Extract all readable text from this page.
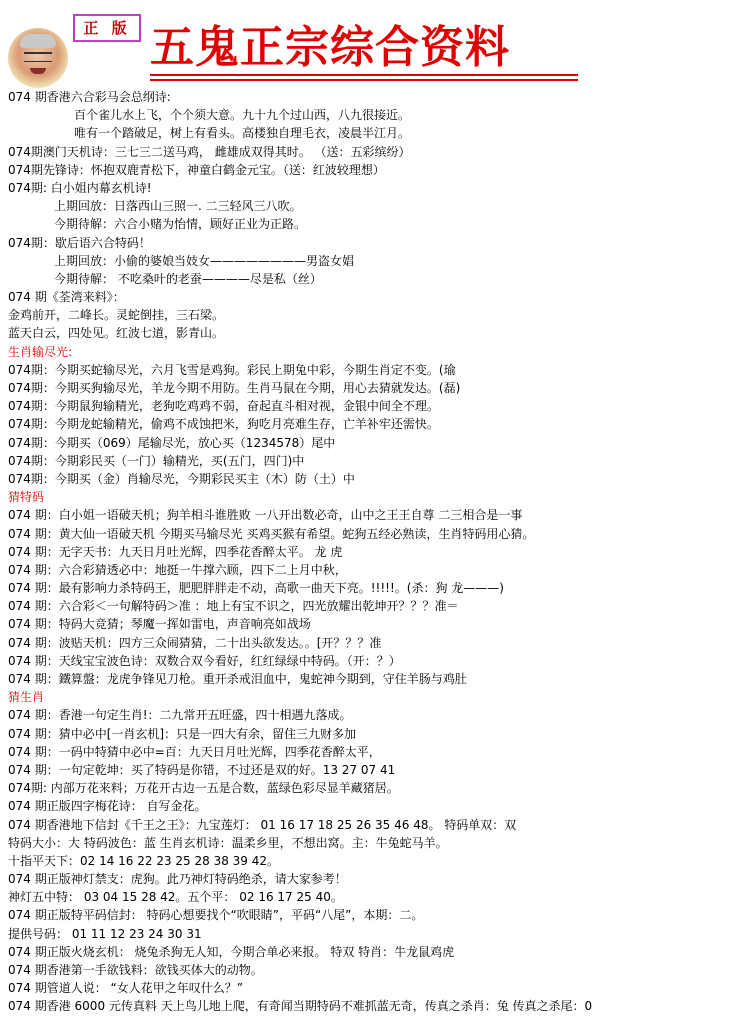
正 版 五鬼正宗综合资料
074 期香港六合彩马会总纲诗:
百个雀儿水上飞，个个须大意。九十九个过山西，八九很接近。
唯有一个踏破足，树上有看头。高楼独自理毛衣，凌晨半江月。
074期澳门天机诗：三七三二送马鸡， 雌雄成双得其时。 （送：五彩缤纷）
074期先锋诗：怀抱双鹿青松下，神童白鹤金元宝。（送：红波较理想）
074期: 白小姐内幕玄机诗!
上期回放：日落西山三照一. 二三轻风三八吹。
今期待解：六合小赌为怡情，顾好正业为正路。
074期：歇后语六合特码！
上期回放：小偷的婆娘当妓女————————男盗女娼
今期待解： 不吃桑叶的老蚕————尽是私（丝）
074 期《荃湾来料》：
金鸡前开，二峰长。灵蛇倒挂，三石梁。
蓝天白云，四处见。红波七道，影青山。
生肖输尽光:
074期：今期买蛇输尽光，六月飞雪是鸡狗。彩民上期兔中彩，今期生肖定不变。(瑜
074期：今期买狗输尽光，羊龙今期不用防。生肖马鼠在今期，用心去猜就发达。(磊)
074期：今期鼠狗输精光，老狗吃鸡鸡不弱，奋起直斗相对视，金银中间全不理。
074期：今期龙蛇输精光，偷鸡不成蚀把米，狗吃月亮难生存，亡羊补牢还需快。
074期：今期买（069）尾输尽光，放心买（1234578）尾中
074期：今期彩民买（一门）输精光，买(五门，四门)中
074期：今期买（金）肖输尽光，今期彩民买主（木）防（土）中
猜特码
074 期：白小姐一语破天机；狗羊相斗谁胜败 一八开出数必奇，山中之王王自尊 二三相合是一事
074 期：黄大仙一语破天机 今期买马输尽光 买鸡买猴有希望。蛇狗五经必熟读，生肖特码用心猜。
074 期：无字天书：九天日月吐光辉，四季花香醉太平。 龙 虎
074 期：六合彩猜透必中：地挺一牛撑六顾，四下二上月中秋，
074 期：最有影响力杀特码王，肥肥胖胖走不动，高歌一曲天下亮。!!!!!。(杀：狗 龙———)
074 期：六合彩＜一句解特码＞准 ：地上有宝不识之，四光放耀出乾坤开？？？准＝
074 期：特码大竞猜；琴魔一挥如雷电，声音响亮如战场
074 期：波贴天机：四方三众闹猜猜，二十出头欲发达。。[开？？？准
074 期：天线宝宝波色诗：双数合双今看好，红红绿绿中特码。（开：？）
074 期：鐵算盤：龙虎争锋见刀枪。重开杀戒泪血中，鬼蛇神今期到，守住羊肠与鸡肚
猜生肖
074 期：香港一句定生肖!：二九常开五旺盛，四十相遇九落成。
074 期：猜中必中[一肖玄机]：只是一四大有余，留住三九财多加
074 期：一码中特猜中必中=百：九天日月吐光辉，四季花香醉太平，
074 期：一句定乾坤：买了特码是你错，不过还是双的好。13 27 07 41
074期: 内部万花来料；万花开古边一五是合数，蓝绿色彩尽显羊藏猪居。
074 期正版四字梅花诗： 自写金花。
074 期香港地下信封《千王之王》：九宝莲灯： 01 16 17 18 25 26 35 46 48。 特码单双：双
特码大小：大 特码波色：蓝 生肖玄机诗：温柔乡里，不想出窝。主：牛兔蛇马羊。
十指平天下：02 14 16 22 23 25 28 38 39 42。
074 期正版神灯禁支：虎狗。此乃神灯特码绝杀，请大家参考！
神灯五中特： 03 04 15 28 42。五个平： 02 16 17 25 40。
074 期正版特平码信封： 特码心想要找个“吹眼睛”，平码“八尾”，本期：二。
提供号码： 01 11 12 23 24 30 31
074 期正版火烧玄机： 烧兔杀狗无人知，今期合单必来报。 特双 特肖：牛龙鼠鸡虎
074 期香港第一手欲钱料：欲钱买体大的动物。
074 期管道人说： “女人花甲之年叹什么？”
074 期香港 6000 元传真料 天上鸟儿地上爬，有奇闻当期特码不难抓蓝无奇，传真之杀肖：兔 传真之杀尾：0
